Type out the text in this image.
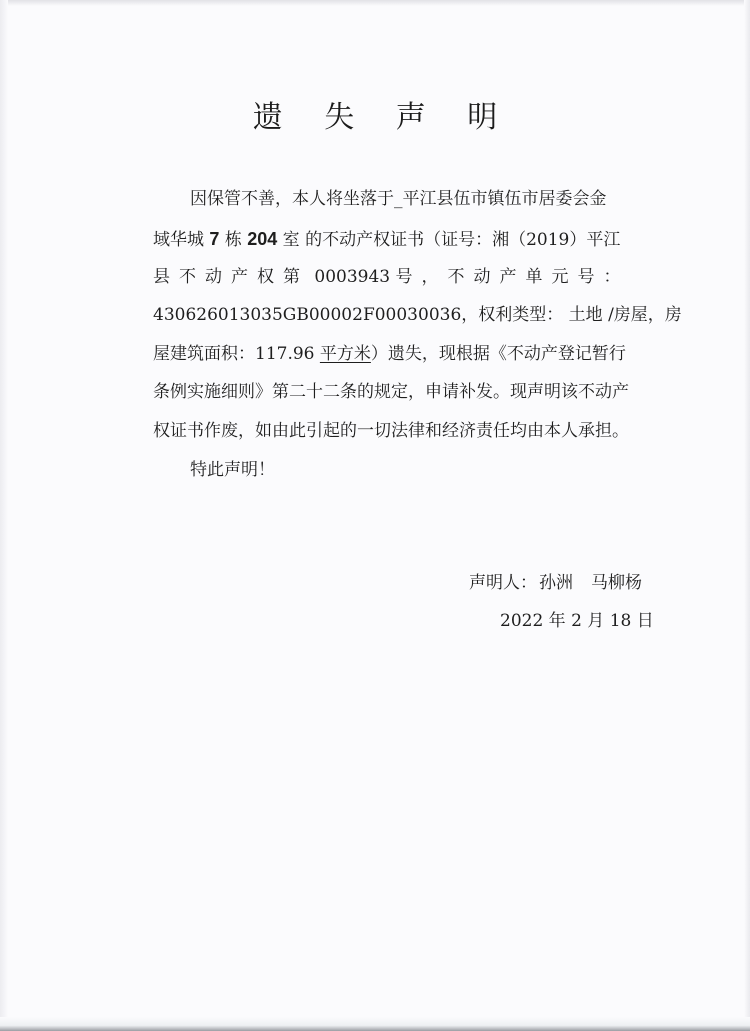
遗 失 声 明
因保管不善，本人将坐落于_平江县伍市镇伍市居委会金
域华城 7 栋 204 室 的不动产权证书（证号：湘（2019）平江
县不动产权第 0003943 号，不动产单元号：
430626013035GB00002F00030036，权利类型： 土地 /房屋，房
屋建筑面积：117.96 平方米）遗失，现根据《不动产登记暂行
条例实施细则》第二十二条的规定，申请补发。现声明该不动产
权证书作废，如由此引起的一切法律和经济责任均由本人承担。
特此声明！
声明人： 孙洲 马柳杨
2022 年 2 月 18 日
